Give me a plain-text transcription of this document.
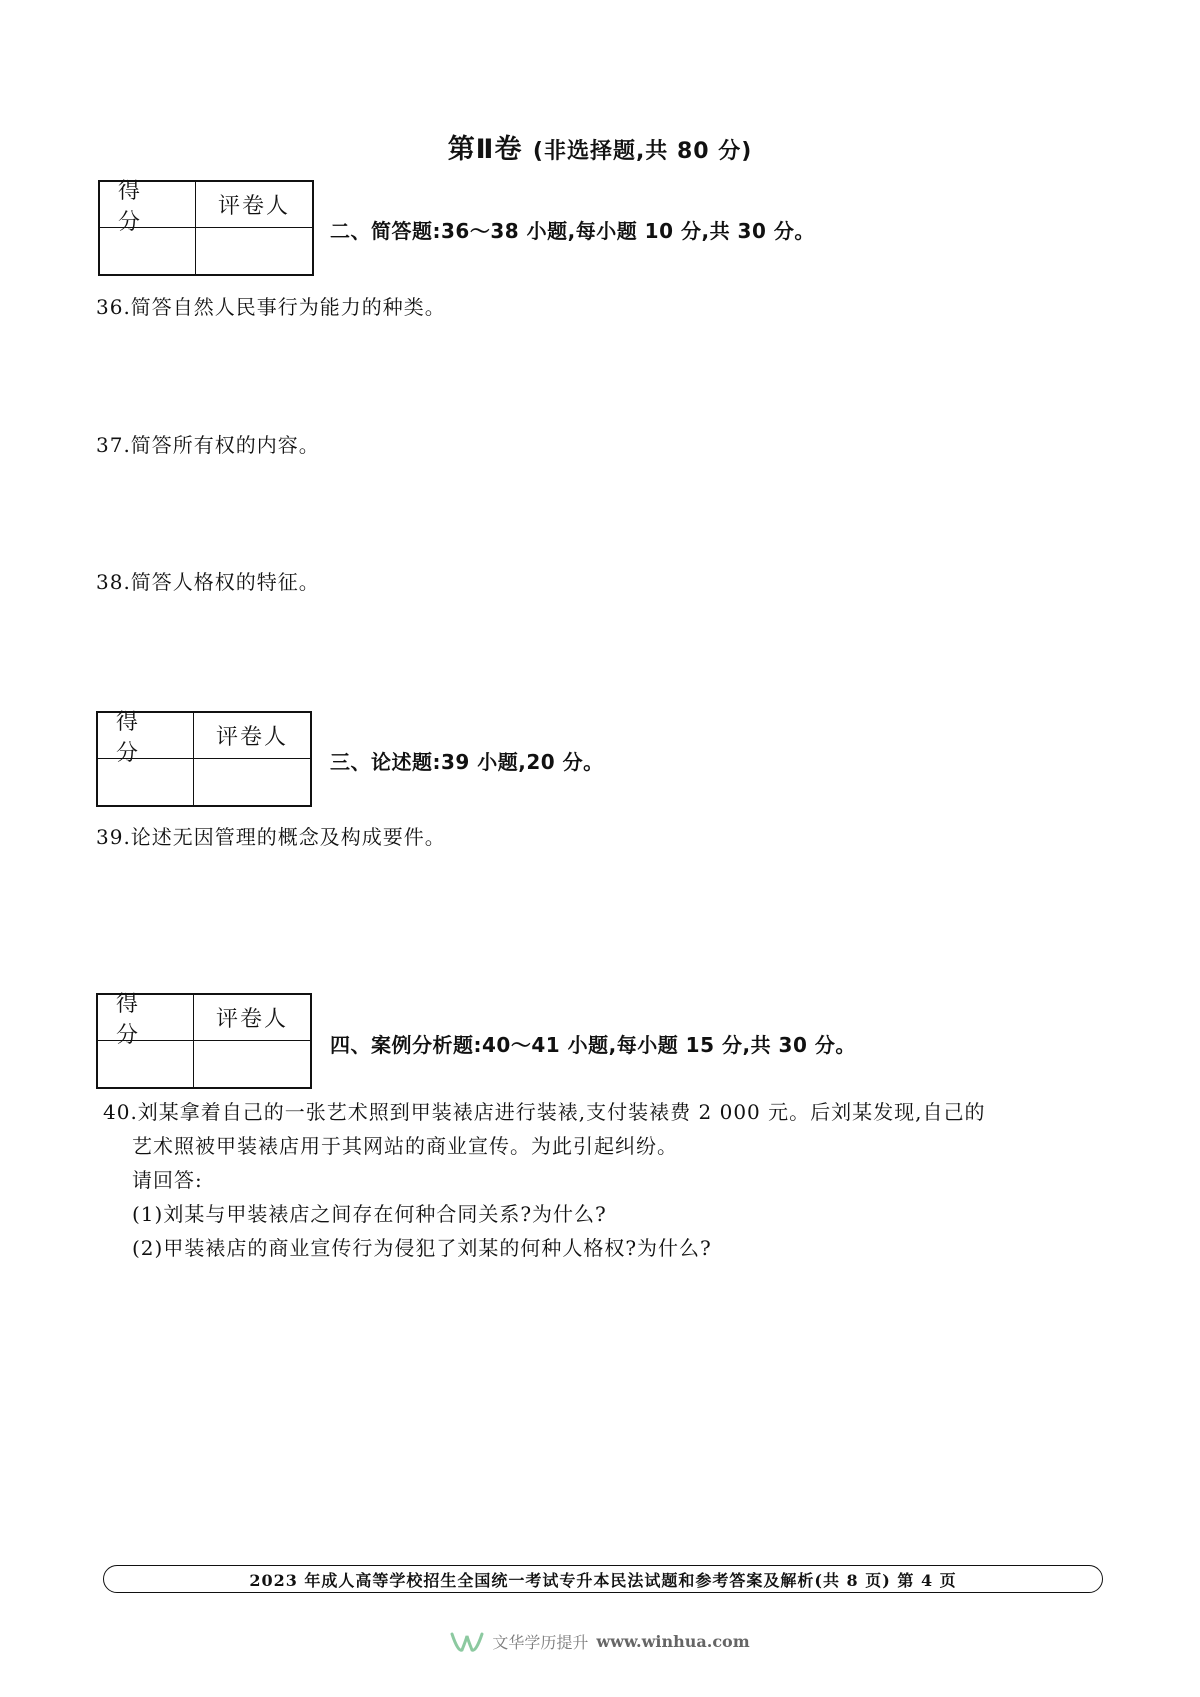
第Ⅱ卷 (非选择题,共 80 分)
得分
评卷人
二、简答题:36～38 小题,每小题 10 分,共 30 分。
36.简答自然人民事行为能力的种类。
37.简答所有权的内容。
38.简答人格权的特征。
得分
评卷人
三、论述题:39 小题,20 分。
39.论述无因管理的概念及构成要件。
得分
评卷人
四、案例分析题:40～41 小题,每小题 15 分,共 30 分。
40.刘某拿着自己的一张艺术照到甲装裱店进行装裱,支付装裱费 2 000 元。后刘某发现,自己的
艺术照被甲装裱店用于其网站的商业宣传。为此引起纠纷。
请回答:
(1)刘某与甲装裱店之间存在何种合同关系?为什么?
(2)甲装裱店的商业宣传行为侵犯了刘某的何种人格权?为什么?
2023 年成人高等学校招生全国统一考试专升本民法试题和参考答案及解析(共 8 页) 第 4 页
文华学历提升 www.winhua.com
